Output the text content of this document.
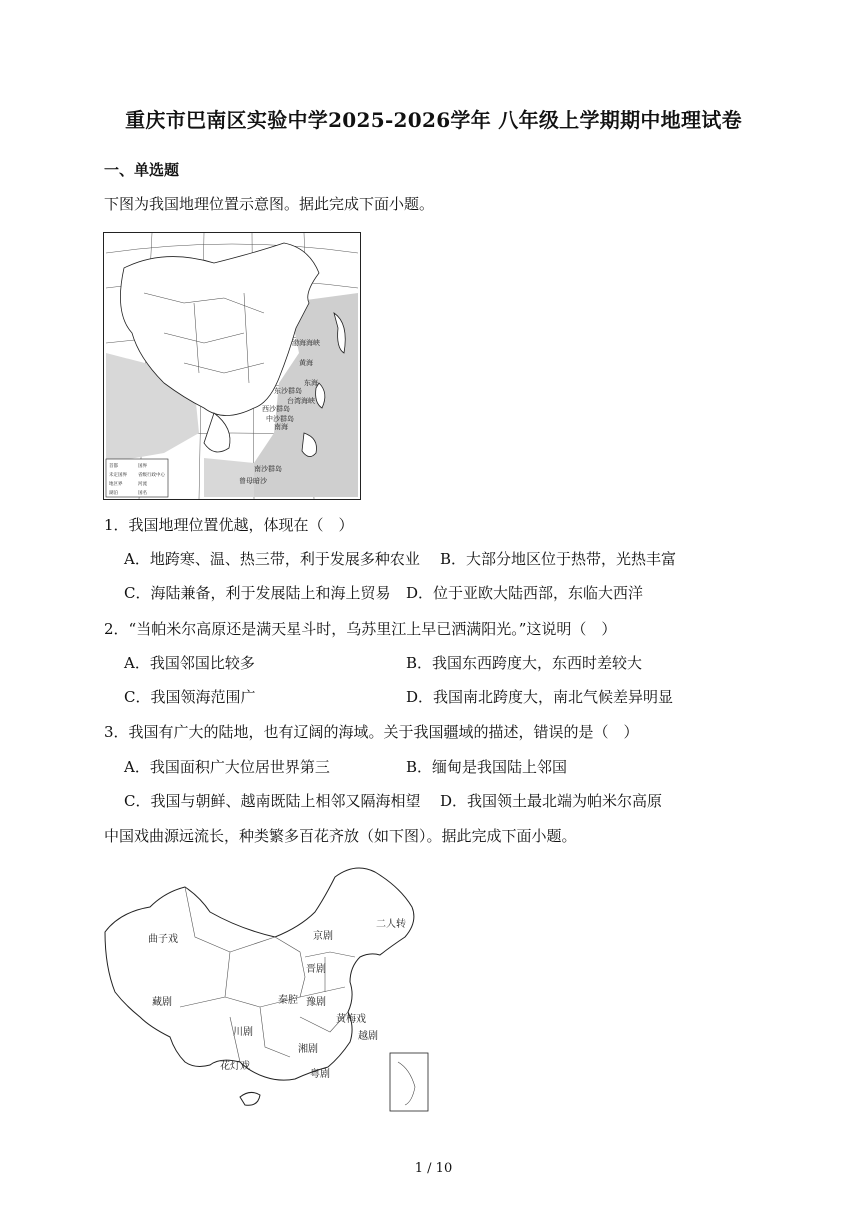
重庆市巴南区实验中学2025-2026学年 八年级上学期期中地理试卷
一、单选题
下图为我国地理位置示意图。据此完成下面小题。
渤海海峡
黄海
东海
台湾海峡
南海
西沙群岛
中沙群岛
东沙群岛
南沙群岛
曾母暗沙
首都	国界
未定国界 省级行政中心
地区界	河流
湖泊	国名
1．我国地理位置优越，体现在（　）
A．地跨寒、温、热三带，利于发展多种农业 B．大部分地区位于热带，光热丰富
C．海陆兼备，利于发展陆上和海上贸易 D．位于亚欧大陆西部，东临大西洋
2．“当帕米尔高原还是满天星斗时，乌苏里江上早已洒满阳光。”这说明（　）
A．我国邻国比较多	B．我国东西跨度大，东西时差较大
C．我国领海范围广	D．我国南北跨度大，南北气候差异明显
3．我国有广大的陆地，也有辽阔的海域。关于我国疆域的描述，错误的是（　）
A．我国面积广大位居世界第三	B．缅甸是我国陆上邻国
C．我国与朝鲜、越南既陆上相邻又隔海相望 D．我国领土最北端为帕米尔高原
中国戏曲源远流长，种类繁多百花齐放（如下图）。据此完成下面小题。
二人转
京剧
曲子戏
晋剧
秦腔 豫剧
黄梅戏
藏剧
川剧	越剧
湘剧
花灯戏
粤剧
1 / 10
